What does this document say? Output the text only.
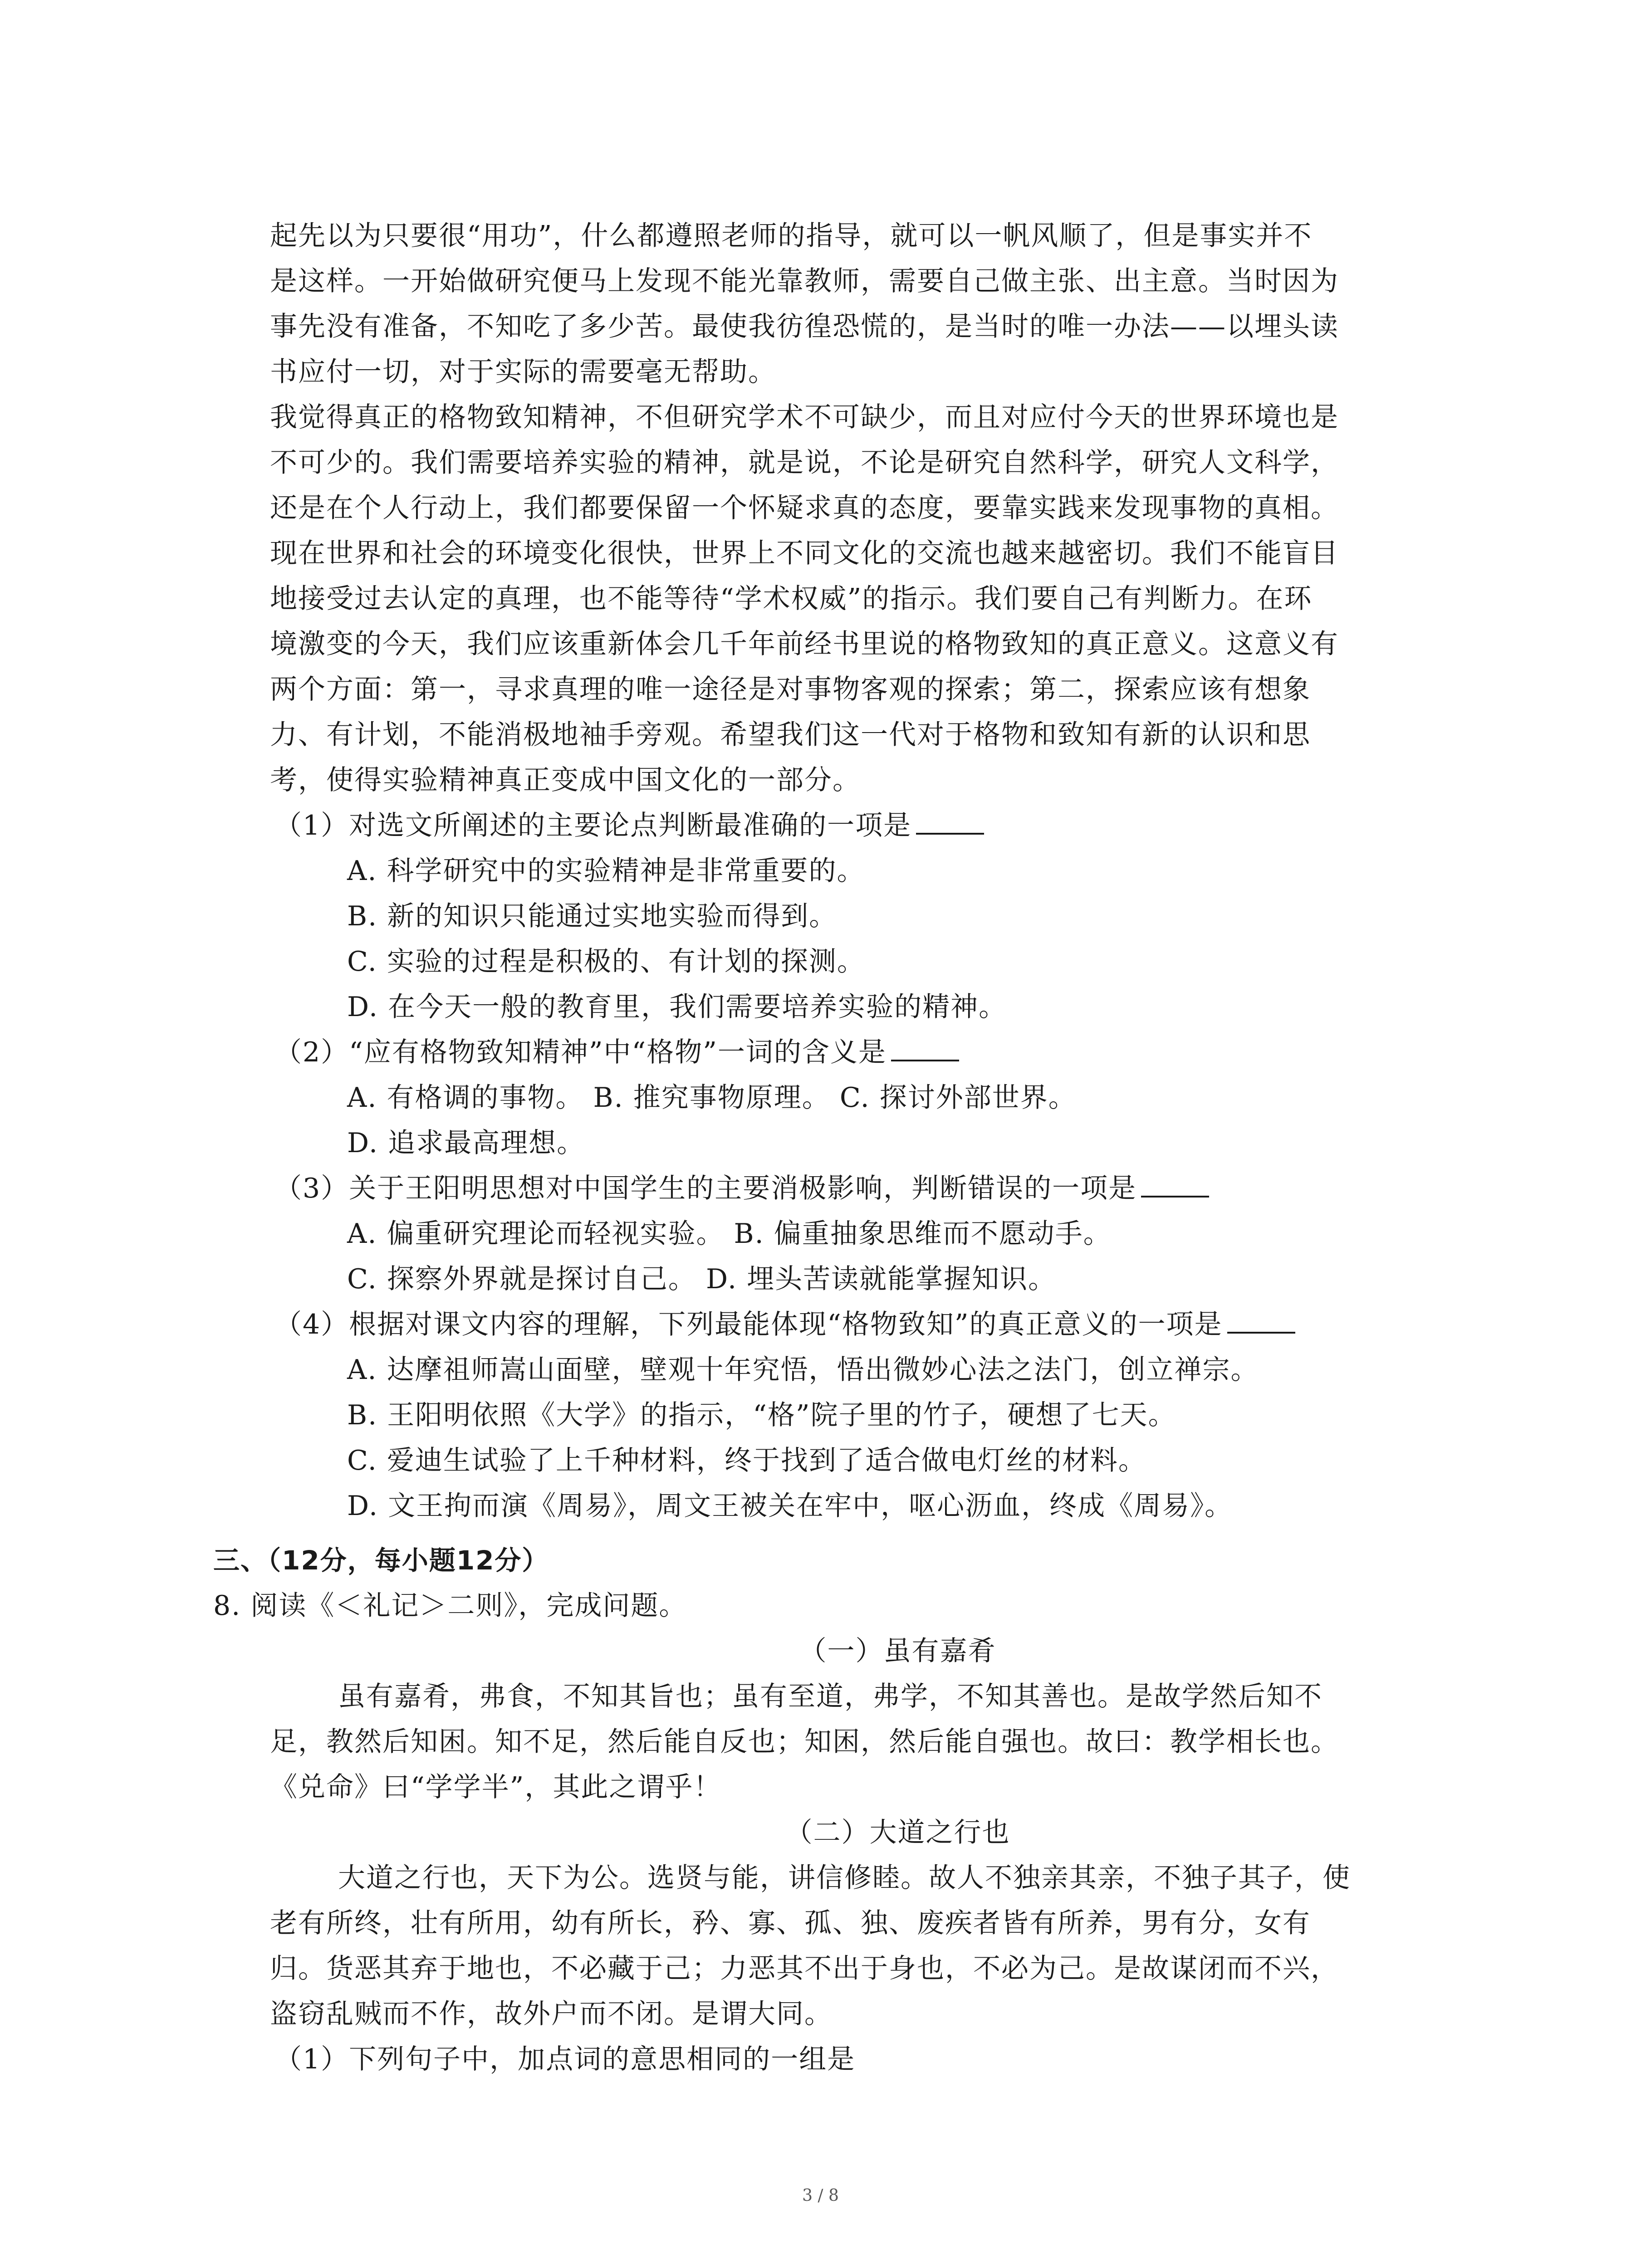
起先以为只要很“用功”，什么都遵照老师的指导，就可以一帆风顺了，但是事实并不
是这样。一开始做研究便马上发现不能光靠教师，需要自己做主张、出主意。当时因为
事先没有准备，不知吃了多少苦。最使我彷徨恐慌的，是当时的唯一办法——以埋头读
书应付一切，对于实际的需要毫无帮助。
我觉得真正的格物致知精神，不但研究学术不可缺少，而且对应付今天的世界环境也是
不可少的。我们需要培养实验的精神，就是说，不论是研究自然科学，研究人文科学，
还是在个人行动上，我们都要保留一个怀疑求真的态度，要靠实践来发现事物的真相。
现在世界和社会的环境变化很快，世界上不同文化的交流也越来越密切。我们不能盲目
地接受过去认定的真理，也不能等待“学术权威”的指示。我们要自己有判断力。在环
境激变的今天，我们应该重新体会几千年前经书里说的格物致知的真正意义。这意义有
两个方面：第一，寻求真理的唯一途径是对事物客观的探索；第二，探索应该有想象
力、有计划，不能消极地袖手旁观。希望我们这一代对于格物和致知有新的认识和思
考，使得实验精神真正变成中国文化的一部分。
（1）对选文所阐述的主要论点判断最准确的一项是
A. 科学研究中的实验精神是非常重要的。
B. 新的知识只能通过实地实验而得到。
C. 实验的过程是积极的、有计划的探测。
D. 在今天一般的教育里，我们需要培养实验的精神。
（2）“应有格物致知精神”中“格物”一词的含义是
A. 有格调的事物。 B. 推究事物原理。 C. 探讨外部世界。
D. 追求最高理想。
（3）关于王阳明思想对中国学生的主要消极影响，判断错误的一项是
A. 偏重研究理论而轻视实验。 B. 偏重抽象思维而不愿动手。
C. 探察外界就是探讨自己。 D. 埋头苦读就能掌握知识。
（4）根据对课文内容的理解，下列最能体现“格物致知”的真正意义的一项是
A. 达摩祖师嵩山面壁，壁观十年究悟，悟出微妙心法之法门，创立禅宗。
B. 王阳明依照《大学》的指示，“格”院子里的竹子，硬想了七天。
C. 爱迪生试验了上千种材料，终于找到了适合做电灯丝的材料。
D. 文王拘而演《周易》，周文王被关在牢中，呕心沥血，终成《周易》。
三、（12分，每小题12分）
8. 阅读《＜礼记＞二则》，完成问题。
（一）虽有嘉肴
虽有嘉肴，弗食，不知其旨也；虽有至道，弗学，不知其善也。是故学然后知不
足，教然后知困。知不足，然后能自反也；知困，然后能自强也。故曰：教学相长也。
《兑命》曰“学学半”，其此之谓乎！
（二）大道之行也
大道之行也，天下为公。选贤与能，讲信修睦。故人不独亲其亲，不独子其子，使
老有所终，壮有所用，幼有所长，矜、寡、孤、独、废疾者皆有所养，男有分，女有
归。货恶其弃于地也，不必藏于己；力恶其不出于身也，不必为己。是故谋闭而不兴，
盗窃乱贼而不作，故外户而不闭。是谓大同。
（1）下列句子中，加点词的意思相同的一组是
3 / 8
